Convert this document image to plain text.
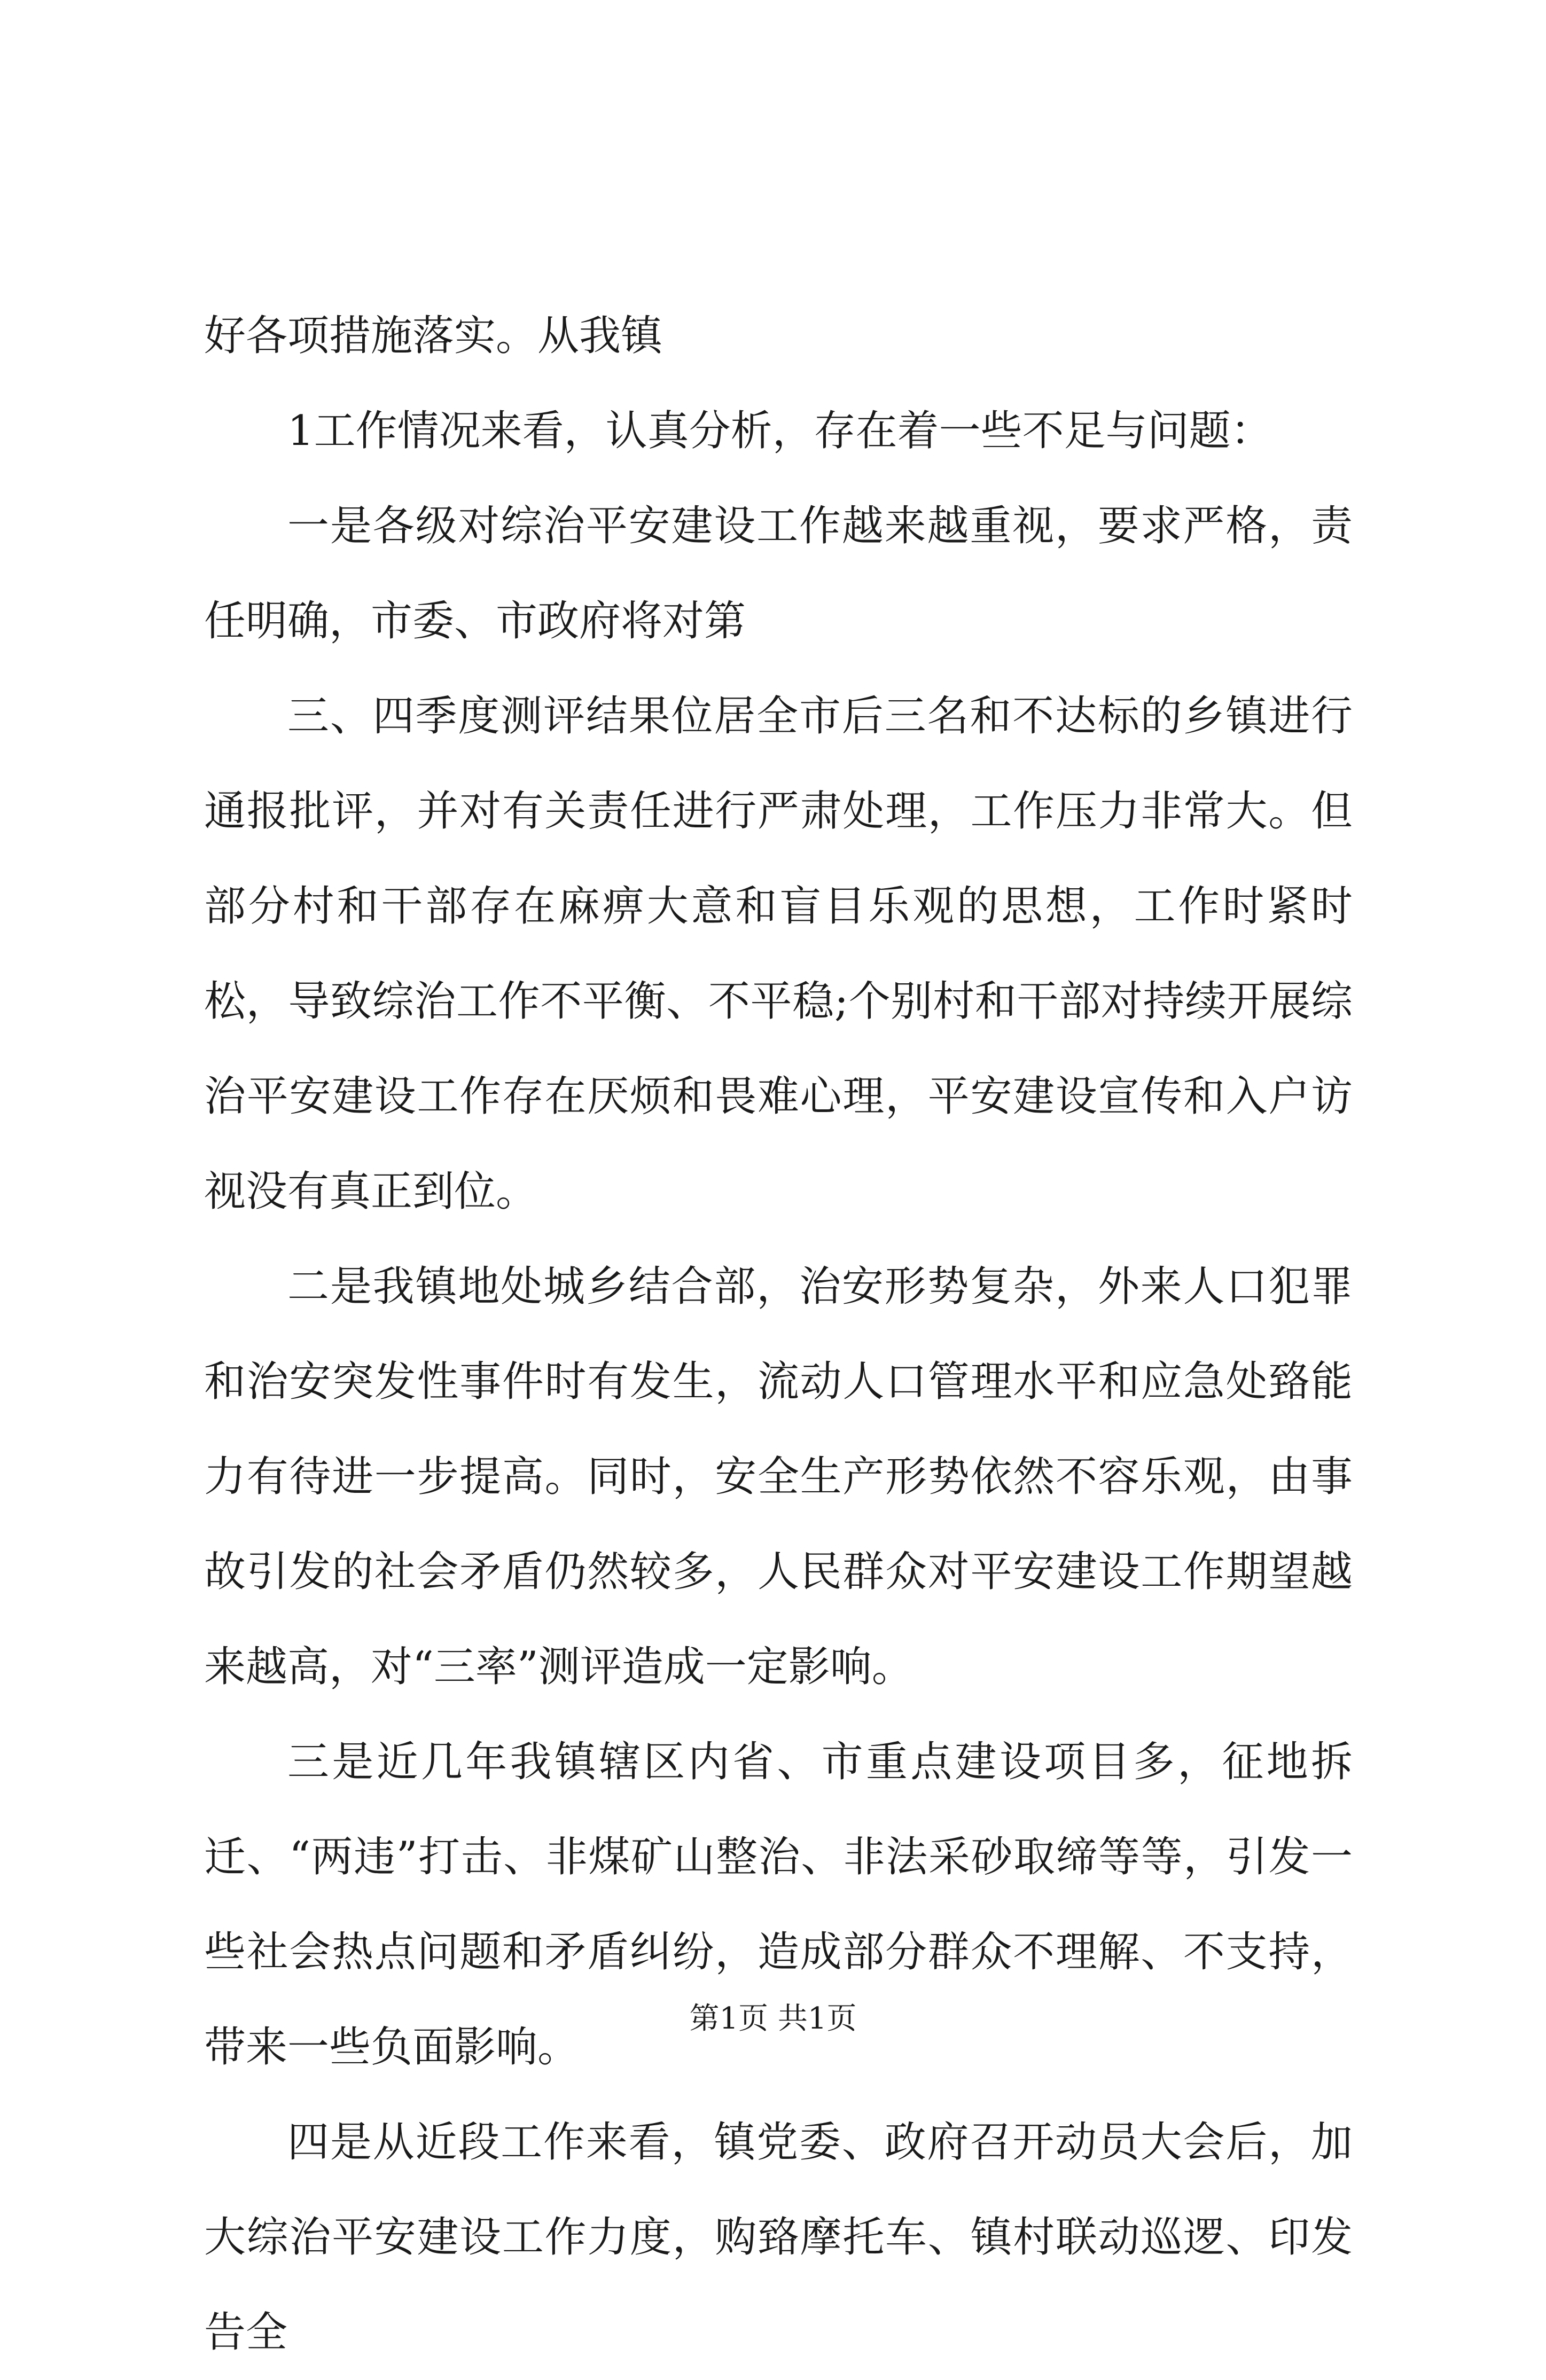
好各项措施落实。从我镇

1工作情况来看，认真分析，存在着一些不足与问题：

一是各级对综治平安建设工作越来越重视，要求严格，责任明确，市委、市政府将对第

三、四季度测评结果位居全市后三名和不达标的乡镇进行通报批评，并对有关责任进行严肃处理，工作压力非常大。但部分村和干部存在麻痹大意和盲目乐观的思想，工作时紧时松，导致综治工作不平衡、不平稳;个别村和干部对持续开展综治平安建设工作存在厌烦和畏难心理，平安建设宣传和入户访视没有真正到位。

二是我镇地处城乡结合部，治安形势复杂，外来人口犯罪和治安突发性事件时有发生，流动人口管理水平和应急处臵能力有待进一步提高。同时，安全生产形势依然不容乐观，由事故引发的社会矛盾仍然较多，人民群众对平安建设工作期望越来越高，对“三率”测评造成一定影响。

三是近几年我镇辖区内省、市重点建设项目多，征地拆迁、“两违”打击、非煤矿山整治、非法采砂取缔等等，引发一些社会热点问题和矛盾纠纷，造成部分群众不理解、不支持，带来一些负面影响。

四是从近段工作来看，镇党委、政府召开动员大会后，加大综治平安建设工作力度，购臵摩托车、镇村联动巡逻、印发告全

第1页 共1页
